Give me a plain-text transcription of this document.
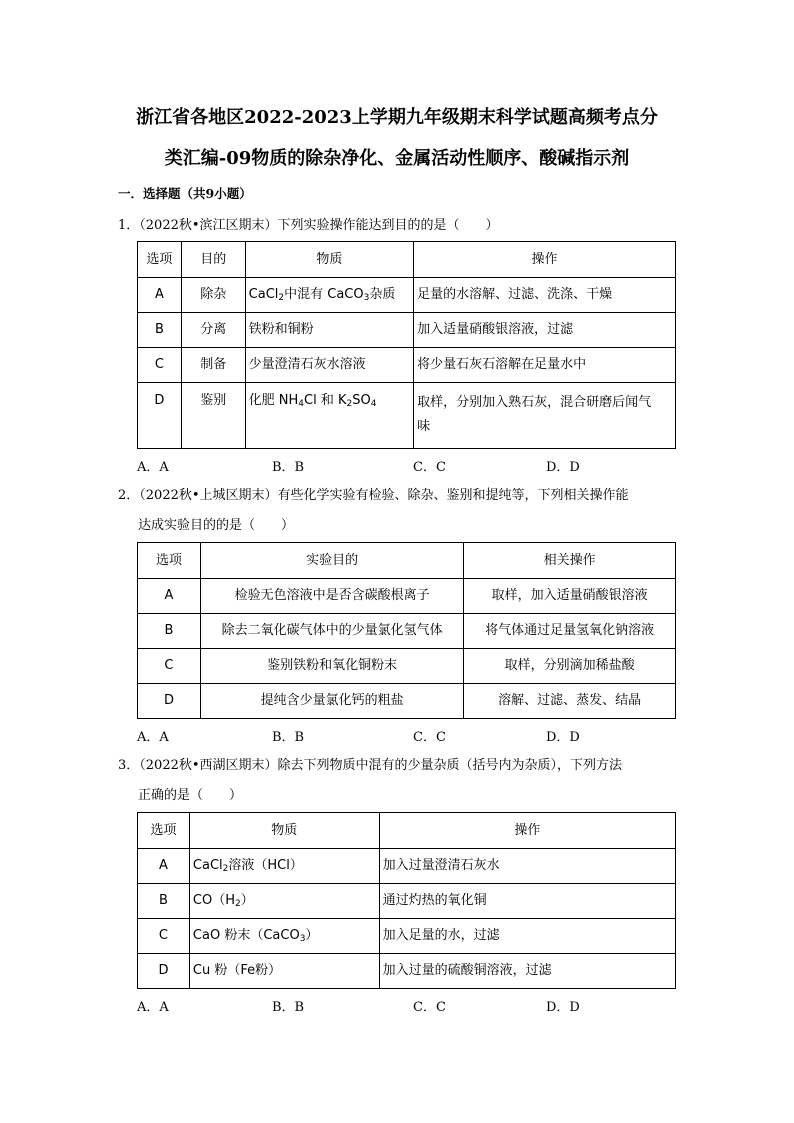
浙江省各地区2022-2023上学期九年级期末科学试题高频考点分
类汇编-09物质的除杂净化、金属活动性顺序、酸碱指示剂
一．选择题（共9小题）
1．（2022秋•滨江区期末）下列实验操作能达到目的的是（　　）
选项	目的	物质	操作
A	除杂	CaCl$_2$中混有 CaCO$_3$杂质	足量的水溶解、过滤、洗涤、干燥
B	分离	铁粉和铜粉	加入适量硝酸银溶液，过滤
C	制备	少量澄清石灰水溶液	将少量石灰石溶解在足量水中
D	鉴别	化肥 $NH_4Cl$ 和 $K_2SO_4$	取样，分别加入熟石灰，混合研磨后闻气
味
A．A	B．B	C．C	D．D
2．（2022秋•上城区期末）有些化学实验有检验、除杂、鉴别和提纯等，下列相关操作能
达成实验目的的是（　　）
选项	实验目的	相关操作
A	检验无色溶液中是否含碳酸根离子	取样，加入适量硝酸银溶液
B	除去二氧化碳气体中的少量氯化氢气体	将气体通过足量氢氧化钠溶液
C	鉴别铁粉和氧化铜粉末	取样，分别滴加稀盐酸
D	提纯含少量氯化钙的粗盐	溶解、过滤、蒸发、结晶
A．A	B．B	C．C	D．D
3．（2022秋•西湖区期末）除去下列物质中混有的少量杂质（括号内为杂质），下列方法
正确的是（　　）
选项	物质	操作
A	CaCl$_2$溶液（HCl）	加入过量澄清石灰水
B	$CO(H_2)$	通过灼热的氧化铜
C	CaO 粉末（CaCO$_3$）	加入足量的水，过滤
D	Cu 粉（Fe粉）	加入过量的硫酸铜溶液，过滤
A．A	B．B	C．C	D．D
